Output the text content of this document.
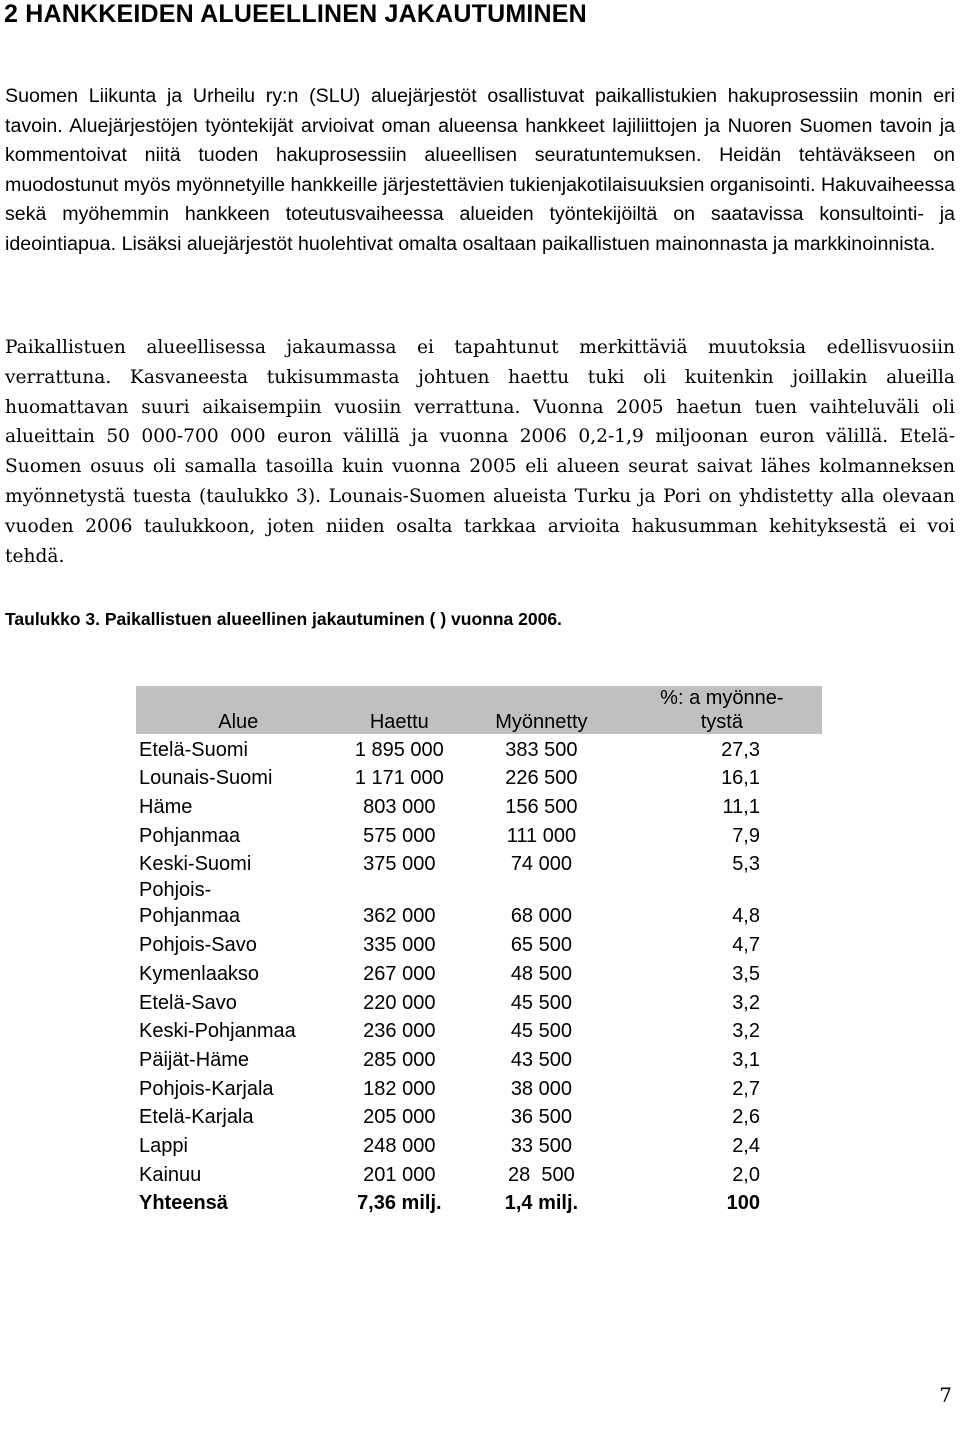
2 HANKKEIDEN ALUEELLINEN JAKAUTUMINEN

Suomen Liikunta ja Urheilu ry:n (SLU) aluejärjestöt osallistuvat paikallistukien hakuprosessiin monin eri tavoin. Aluejärjestöjen työntekijät arvioivat oman alueensa hankkeet lajiliittojen ja Nuoren Suomen tavoin ja kommentoivat niitä tuoden hakuprosessiin alueellisen seuratuntemuksen. Heidän tehtäväkseen on muodostunut myös myönnetyille hankkeille järjestettävien tukienjakotilaisuuksien organisointi. Hakuvaiheessa sekä myöhemmin hankkeen toteutusvaiheessa alueiden työntekijöiltä on saatavissa konsultointi- ja ideointiapua. Lisäksi aluejärjestöt huolehtivat omalta osaltaan paikallistuen mainonnasta ja markkinoinnista.

Paikallistuen alueellisessa jakaumassa ei tapahtunut merkittäviä muutoksia edellisvuosiin verrattuna. Kasvaneesta tukisummasta johtuen haettu tuki oli kuitenkin joillakin alueilla huomattavan suuri aikaisempiin vuosiin verrattuna. Vuonna 2005 haetun tuen vaihteluväli oli alueittain 50 000-700 000 euron välillä ja vuonna 2006 0,2-1,9 miljoonan euron välillä. Etelä-Suomen osuus oli samalla tasoilla kuin vuonna 2005 eli alueen seurat saivat lähes kolmanneksen myönnetystä tuesta (taulukko 3). Lounais-Suomen alueista Turku ja Pori on yhdistetty alla olevaan vuoden 2006 taulukkoon, joten niiden osalta tarkkaa arvioita hakusumman kehityksestä ei voi tehdä.

Taulukko 3. Paikallistuen alueellinen jakautuminen ( ) vuonna 2006.

Alue	Haettu	Myönnetty	%: a myönne-
tystä
Etelä-Suomi	1 895 000	383 500	27,3
Lounais-Suomi	1 171 000	226 500	16,1
Häme	803 000	156 500	11,1
Pohjanmaa	575 000	111 000	7,9
Keski-Suomi	375 000	74 000	5,3
Pohjois-
Pohjanmaa	362 000	68 000	4,8
Pohjois-Savo	335 000	65 500	4,7
Kymenlaakso	267 000	48 500	3,5
Etelä-Savo	220 000	45 500	3,2
Keski-Pohjanmaa	236 000	45 500	3,2
Päijät-Häme	285 000	43 500	3,1
Pohjois-Karjala	182 000	38 000	2,7
Etelä-Karjala	205 000	36 500	2,6
Lappi	248 000	33 500	2,4
Kainuu	201 000	28  500	2,0
Yhteensä	7,36 milj.	1,4 milj.	100

7
